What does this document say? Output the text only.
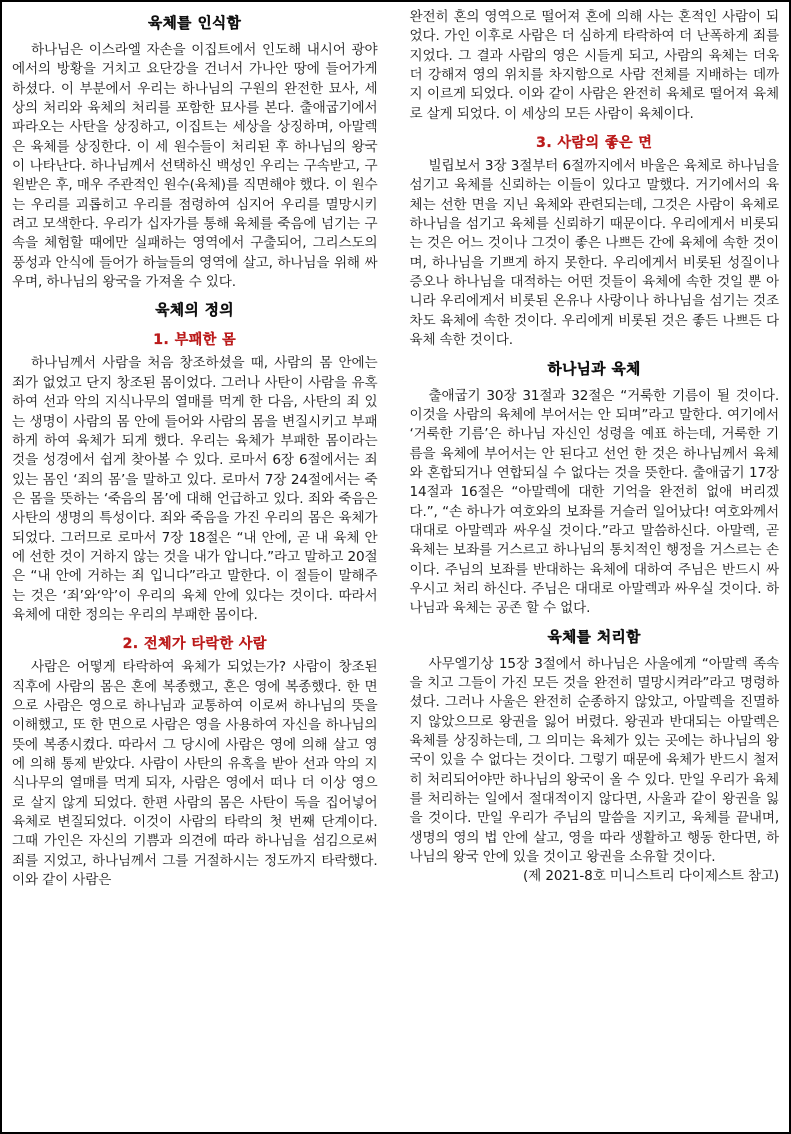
육체를 인식함

하나님은 이스라엘 자손을 이집트에서 인도해 내시어 광야에서의 방황을 거치고 요단강을 건너서 가나안 땅에 들어가게 하셨다. 이 부분에서 우리는 하나님의 구원의 완전한 묘사, 세상의 처리와 육체의 처리를 포함한 묘사를 본다. 출애굽기에서 파라오는 사탄을 상징하고, 이집트는 세상을 상징하며, 아말렉은 육체를 상징한다. 이 세 원수들이 처리된 후 하나님의 왕국이 나타난다. 하나님께서 선택하신 백성인 우리는 구속받고, 구원받은 후, 매우 주관적인 원수(육체)를 직면해야 했다. 이 원수는 우리를 괴롭히고 우리를 점령하여 심지어 우리를 멸망시키려고 모색한다. 우리가 십자가를 통해 육체를 죽음에 넘기는 구속을 체험할 때에만 실패하는 영역에서 구출되어, 그리스도의 풍성과 안식에 들어가 하늘들의 영역에 살고, 하나님을 위해 싸우며, 하나님의 왕국을 가져올 수 있다.

육체의 정의
1. 부패한 몸

하나님께서 사람을 처음 창조하셨을 때, 사람의 몸 안에는 죄가 없었고 단지 창조된 몸이었다. 그러나 사탄이 사람을 유혹하여 선과 악의 지식나무의 열매를 먹게 한 다음, 사탄의 죄 있는 생명이 사람의 몸 안에 들어와 사람의 몸을 변질시키고 부패하게 하여 육체가 되게 했다. 우리는 육체가 부패한 몸이라는 것을 성경에서 쉽게 찾아볼 수 있다. 로마서 6장 6절에서는 죄 있는 몸인 ‘죄의 몸’을 말하고 있다. 로마서 7장 24절에서는 죽은 몸을 뜻하는 ‘죽음의 몸’에 대해 언급하고 있다. 죄와 죽음은 사탄의 생명의 특성이다. 죄와 죽음을 가진 우리의 몸은 육체가 되었다. 그러므로 로마서 7장 18절은 “내 안에, 곧 내 육체 안에 선한 것이 거하지 않는 것을 내가 압니다.”라고 말하고 20절은 “내 안에 거하는 죄 입니다”라고 말한다. 이 절들이 말해주는 것은 ‘죄’와‘악’이 우리의 육체 안에 있다는 것이다. 따라서 육체에 대한 정의는 우리의 부패한 몸이다.

2. 전체가 타락한 사람

사람은 어떻게 타락하여 육체가 되었는가? 사람이 창조된 직후에 사람의 몸은 혼에 복종했고, 혼은 영에 복종했다. 한 면으로 사람은 영으로 하나님과 교통하여 이로써 하나님의 뜻을 이해했고, 또 한 면으로 사람은 영을 사용하여 자신을 하나님의 뜻에 복종시켰다. 따라서 그 당시에 사람은 영에 의해 살고 영에 의해 통제 받았다. 사람이 사탄의 유혹을 받아 선과 악의 지식나무의 열매를 먹게 되자, 사람은 영에서 떠나 더 이상 영으로 살지 않게 되었다. 한편 사람의 몸은 사탄이 독을 집어넣어 육체로 변질되었다. 이것이 사람의 타락의 첫 번째 단계이다. 그때 가인은 자신의 기쁨과 의견에 따라 하나님을 섬김으로써 죄를 지었고, 하나님께서 그를 거절하시는 정도까지 타락했다. 이와 같이 사람은

완전히 혼의 영역으로 떨어져 혼에 의해 사는 혼적인 사람이 되었다. 가인 이후로 사람은 더 심하게 타락하여 더 난폭하게 죄를 지었다. 그 결과 사람의 영은 시들게 되고, 사람의 육체는 더욱더 강해져 영의 위치를 차지함으로 사람 전체를 지배하는 데까지 이르게 되었다. 이와 같이 사람은 완전히 육체로 떨어져 육체로 살게 되었다. 이 세상의 모든 사람이 육체이다.

3. 사람의 좋은 면

빌립보서 3장 3절부터 6절까지에서 바울은 육체로 하나님을 섬기고 육체를 신뢰하는 이들이 있다고 말했다. 거기에서의 육체는 선한 면을 지닌 육체와 관련되는데, 그것은 사람이 육체로 하나님을 섬기고 육체를 신뢰하기 때문이다. 우리에게서 비롯되는 것은 어느 것이나 그것이 좋은 나쁘든 간에 육체에 속한 것이며, 하나님을 기쁘게 하지 못한다. 우리에게서 비롯된 성질이나 증오나 하나님을 대적하는 어떤 것들이 육체에 속한 것일 뿐 아니라 우리에게서 비롯된 온유나 사랑이나 하나님을 섬기는 것조차도 육체에 속한 것이다. 우리에게 비롯된 것은 좋든 나쁘든 다 육체 속한 것이다.

하나님과 육체

출애굽기 30장 31절과 32절은 “거룩한 기름이 될 것이다. 이것을 사람의 육체에 부어서는 안 되며”라고 말한다. 여기에서 ‘거룩한 기름’은 하나님 자신인 성령을 예표 하는데, 거룩한 기름을 육체에 부어서는 안 된다고 선언 한 것은 하나님께서 육체와 혼합되거나 연합되실 수 없다는 것을 뜻한다. 출애굽기 17장 14절과 16절은 “아말렉에 대한 기억을 완전히 없애 버리겠다.”, “손 하나가 여호와의 보좌를 거슬러 일어났다! 여호와께서 대대로 아말렉과 싸우실 것이다.”라고 말씀하신다. 아말렉, 곧 육체는 보좌를 거스르고 하나님의 통치적인 행정을 거스르는 손이다. 주님의 보좌를 반대하는 육체에 대하여 주님은 반드시 싸우시고 처리 하신다. 주님은 대대로 아말렉과 싸우실 것이다. 하나님과 육체는 공존 할 수 없다.

육체를 처리함

사무엘기상 15장 3절에서 하나님은 사울에게 “아말렉 족속을 치고 그들이 가진 모든 것을 완전히 멸망시켜라”라고 명령하셨다. 그러나 사울은 완전히 순종하지 않았고, 아말렉을 진멸하지 않았으므로 왕권을 잃어 버렸다. 왕권과 반대되는 아말렉은 육체를 상징하는데, 그 의미는 육체가 있는 곳에는 하나님의 왕국이 있을 수 없다는 것이다. 그렇기 때문에 육체가 반드시 철저히 처리되어야만 하나님의 왕국이 올 수 있다. 만일 우리가 육체를 처리하는 일에서 절대적이지 않다면, 사울과 같이 왕권을 잃을 것이다. 만일 우리가 주님의 말씀을 지키고, 육체를 끝내며, 생명의 영의 법 안에 살고, 영을 따라 생활하고 행동 한다면, 하나님의 왕국 안에 있을 것이고 왕권을 소유할 것이다.

(제 2021-8호 미니스트리 다이제스트 참고)
